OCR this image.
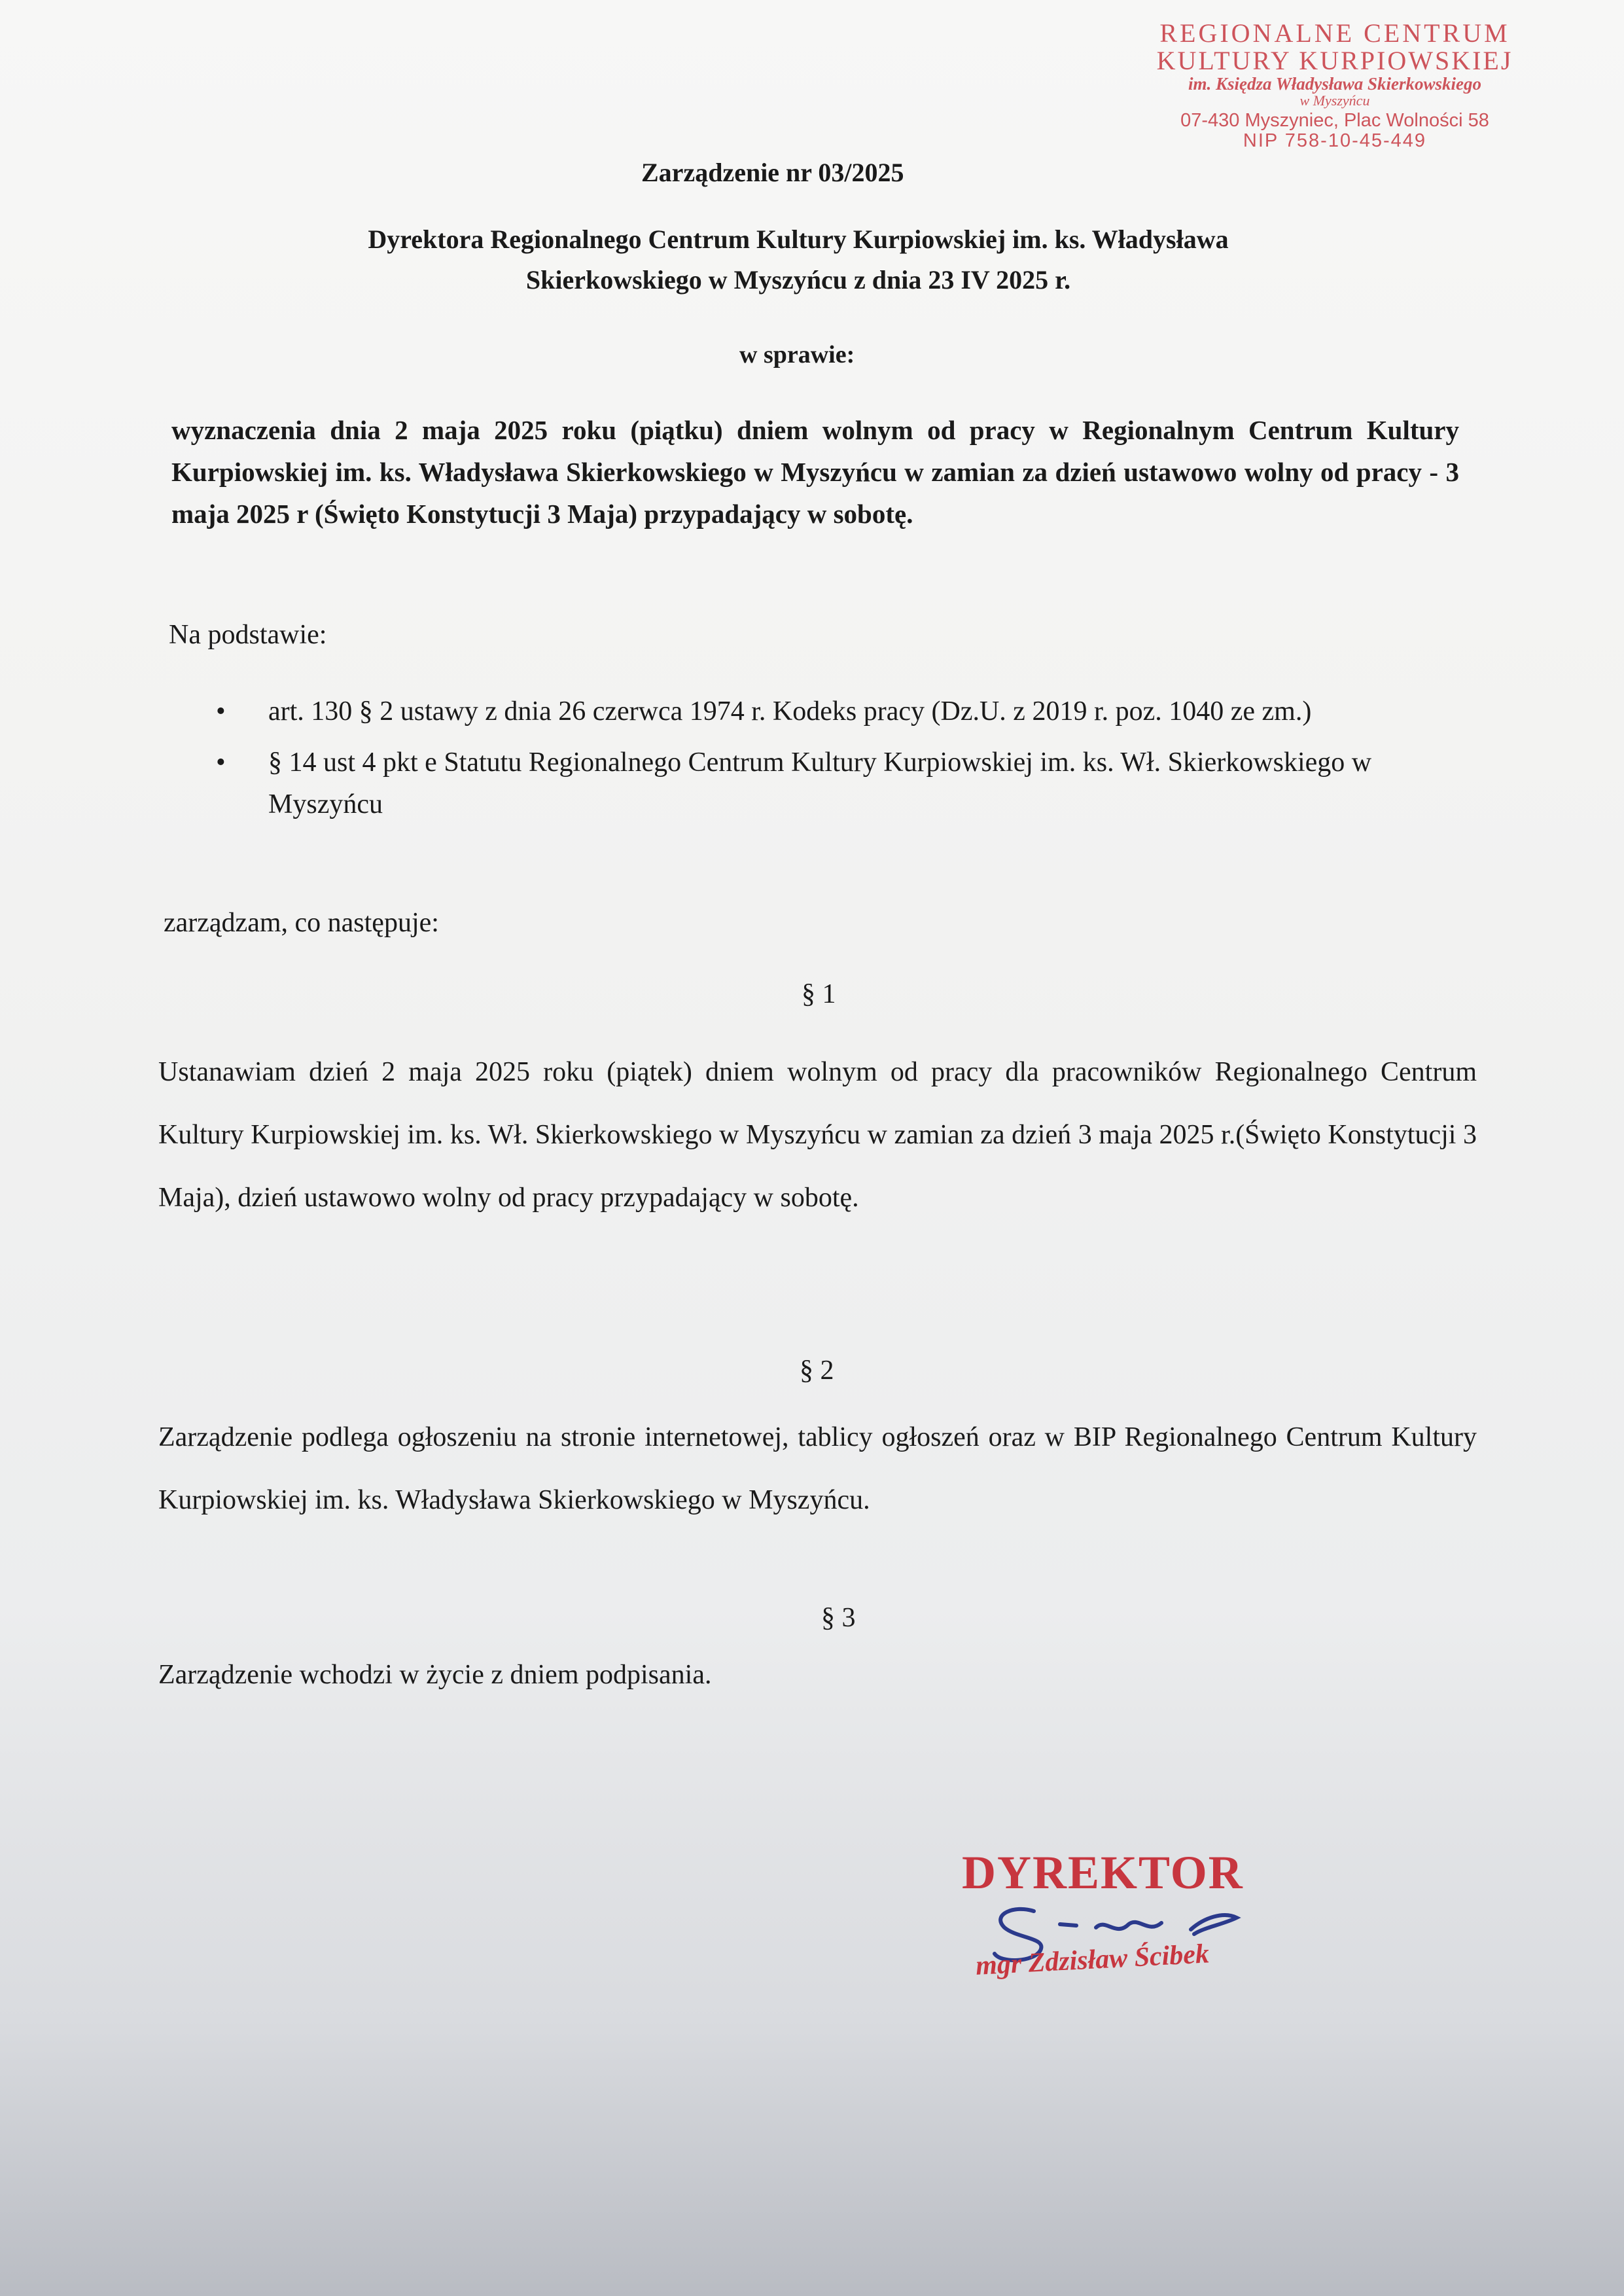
REGIONALNE CENTRUM
KULTURY KURPIOWSKIEJ
im. Księdza Władysława Skierkowskiego
w Myszyńcu
07-430 Myszyniec, Plac Wolności 58
NIP 758-10-45-449
Zarządzenie nr 03/2025
Dyrektora Regionalnego Centrum Kultury Kurpiowskiej im. ks. Władysława
Skierkowskiego w Myszyńcu z dnia 23 IV 2025 r.
w sprawie:
wyznaczenia dnia 2 maja 2025 roku (piątku) dniem wolnym od pracy w Regionalnym Centrum Kultury Kurpiowskiej im. ks. Władysława Skierkowskiego w Myszyńcu w zamian za dzień ustawowo wolny od pracy - 3 maja 2025 r (Święto Konstytucji 3 Maja) przypadający w sobotę.
Na podstawie:
• art. 130 § 2 ustawy z dnia 26 czerwca 1974 r. Kodeks pracy (Dz.U. z 2019 r. poz. 1040 ze zm.)
• § 14 ust 4 pkt e Statutu Regionalnego Centrum Kultury Kurpiowskiej im. ks. Wł. Skierkowskiego w Myszyńcu
zarządzam, co następuje:
§ 1
Ustanawiam dzień 2 maja 2025 roku (piątek) dniem wolnym od pracy dla pracowników Regionalnego Centrum Kultury Kurpiowskiej im. ks. Wł. Skierkowskiego w Myszyńcu w zamian za dzień 3 maja 2025 r.(Święto Konstytucji 3 Maja), dzień ustawowo wolny od pracy przypadający w sobotę.
§ 2
Zarządzenie podlega ogłoszeniu na stronie internetowej, tablicy ogłoszeń oraz w BIP Regionalnego Centrum Kultury Kurpiowskiej im. ks. Władysława Skierkowskiego w Myszyńcu.
§ 3
Zarządzenie wchodzi w życie z dniem podpisania.
DYREKTOR
mgr Zdzisław Ścibek
